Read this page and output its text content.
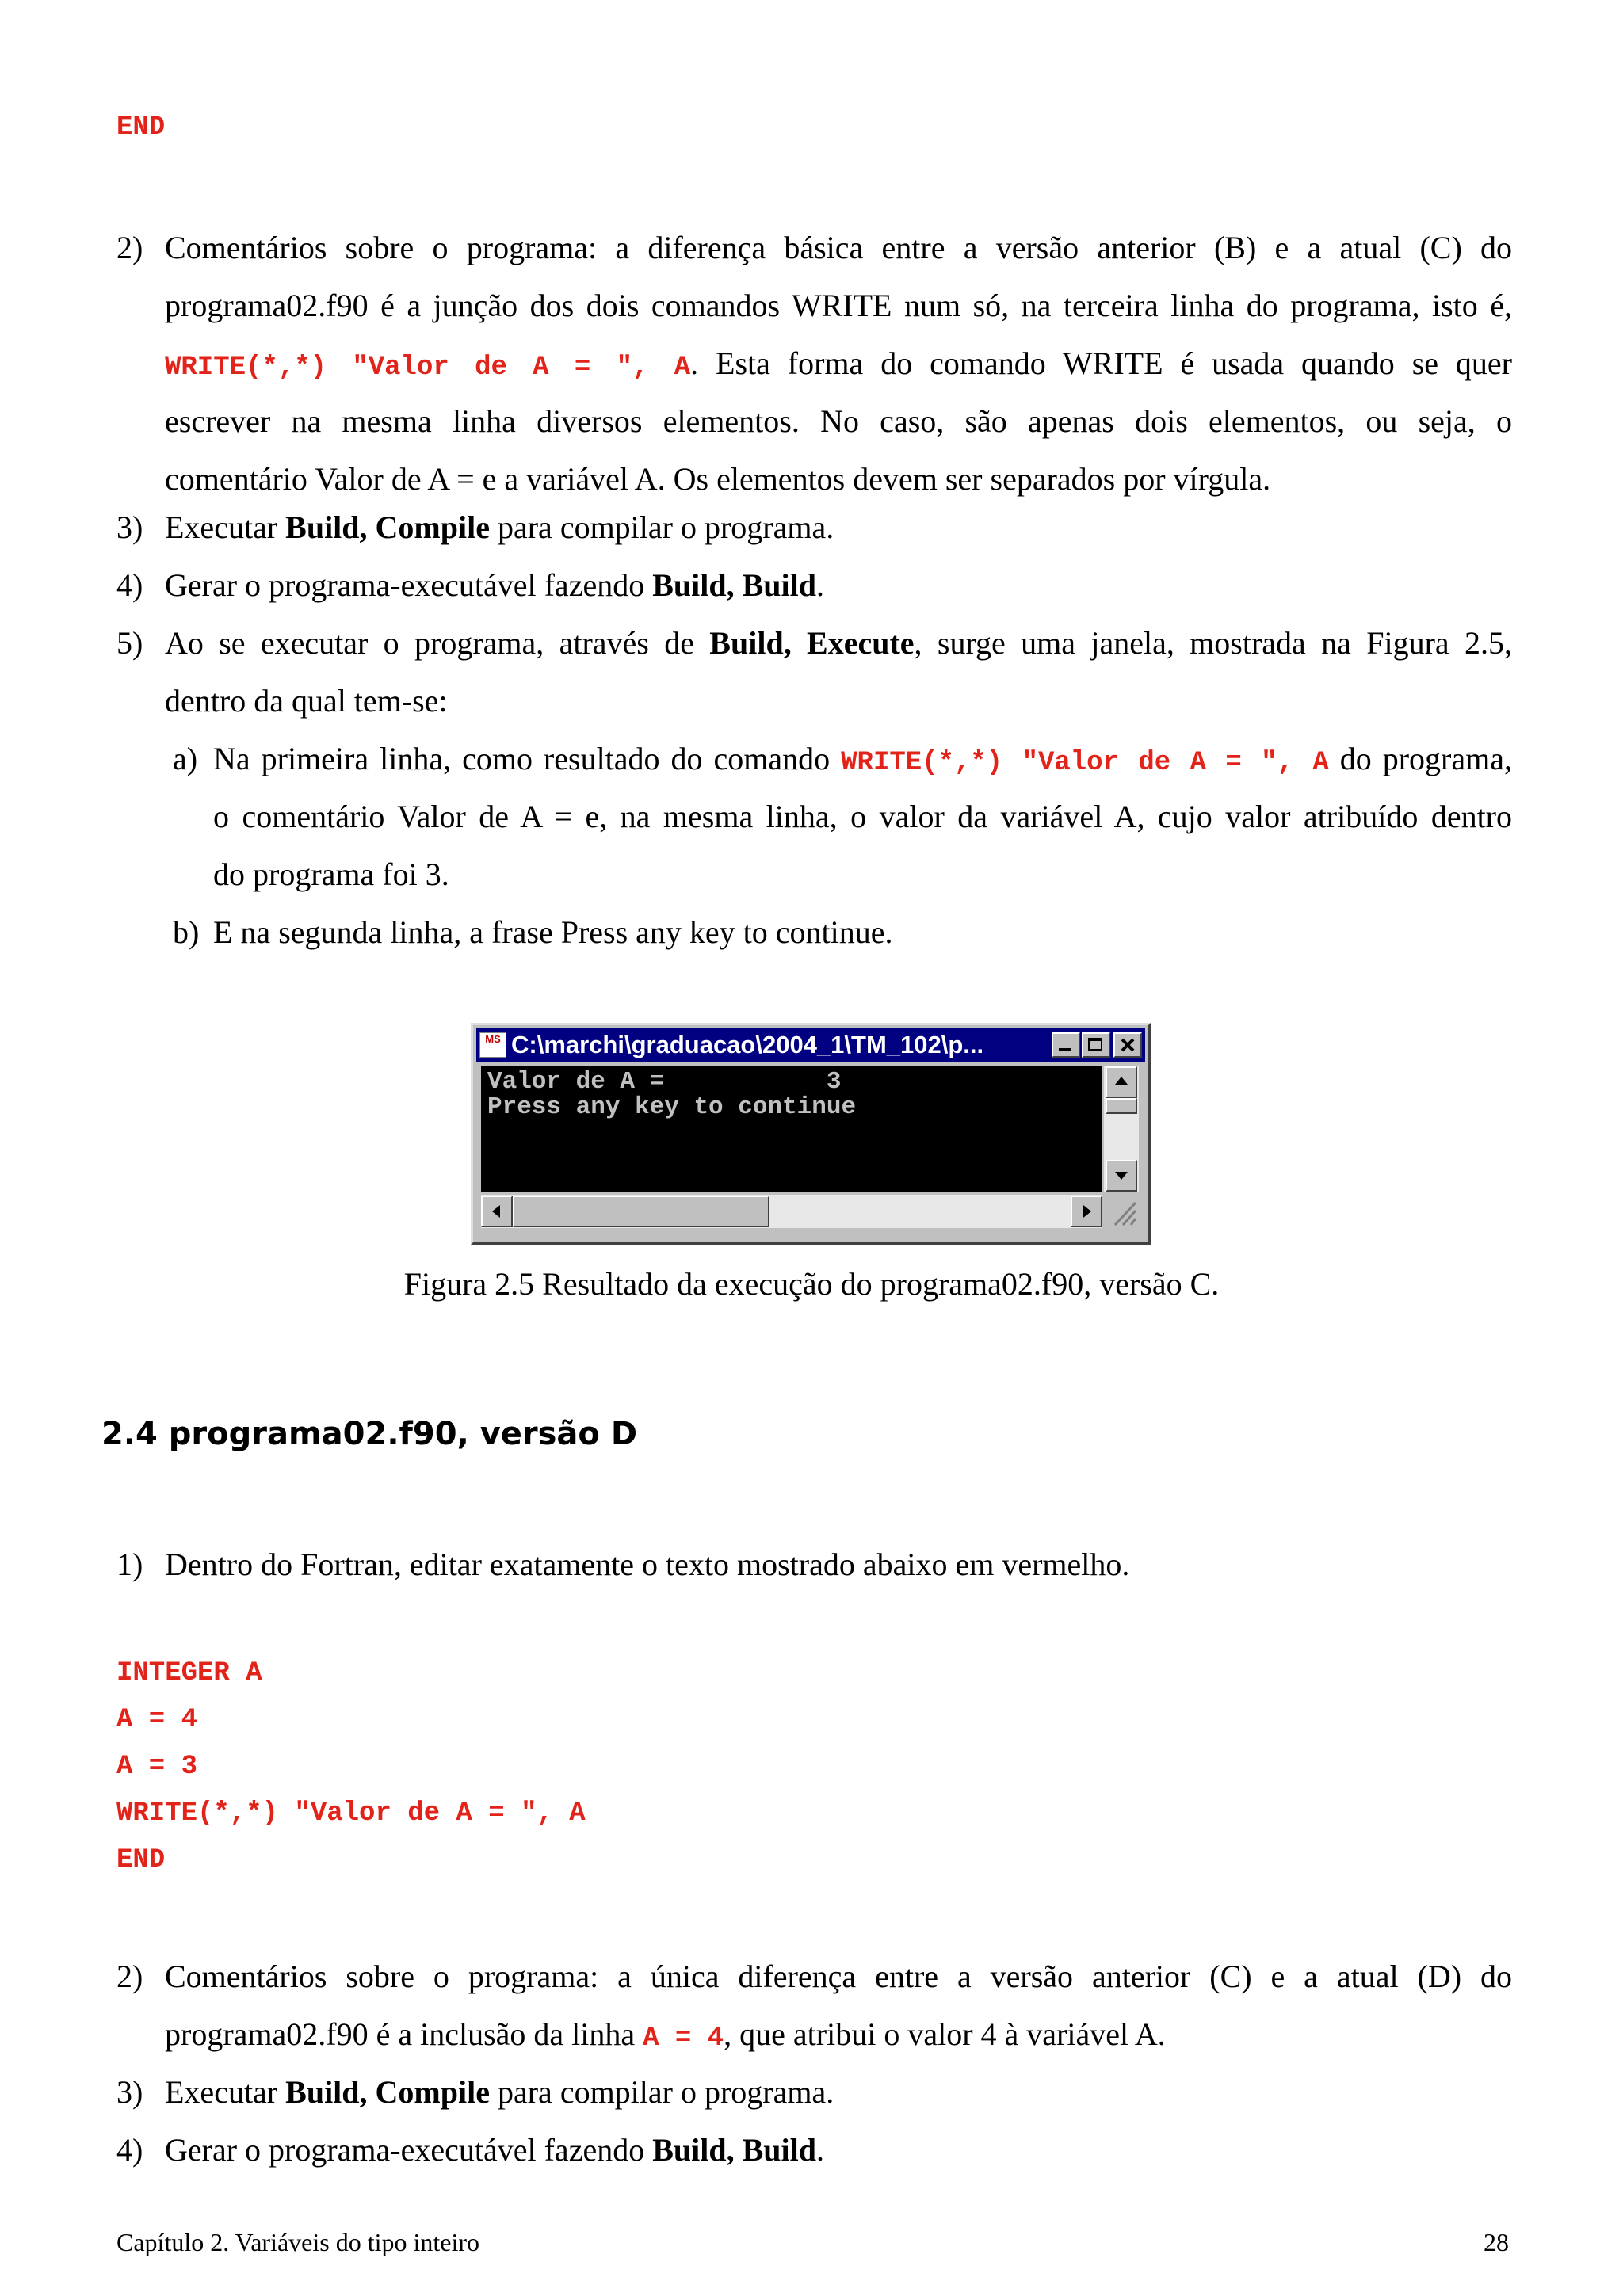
END
2) Comentários sobre o programa: a diferença básica entre a versão anterior (B) e a atual (C) do
programa02.f90 é a junção dos dois comandos WRITE num só, na terceira linha do programa, isto é,
WRITE(*,*) "Valor de A = ", A. Esta forma do comando WRITE é usada quando se quer
escrever na mesma linha diversos elementos. No caso, são apenas dois elementos, ou seja, o
comentário Valor de A = e a variável A. Os elementos devem ser separados por vírgula.
3) Executar Build, Compile para compilar o programa.
4) Gerar o programa-executável fazendo Build, Build.
5) Ao se executar o programa, através de Build, Execute, surge uma janela, mostrada na Figura 2.5,
dentro da qual tem-se:
a) Na primeira linha, como resultado do comando WRITE(*,*) "Valor de A = ", A do programa,
o comentário Valor de A = e, na mesma linha, o valor da variável A, cujo valor atribuído dentro
do programa foi 3.
b) E na segunda linha, a frase Press any key to continue.
MS C:\marchi\graduacao\2004_1\TM_102\p...
Valor de A =           3
Press any key to continue
Figura 2.5 Resultado da execução do programa02.f90, versão C.
2.4 programa02.f90, versão D
1) Dentro do Fortran, editar exatamente o texto mostrado abaixo em vermelho.
INTEGER A
A = 4
A = 3
WRITE(*,*) "Valor de A = ", A
END
2) Comentários sobre o programa: a única diferença entre a versão anterior (C) e a atual (D) do
programa02.f90 é a inclusão da linha A = 4, que atribui o valor 4 à variável A.
3) Executar Build, Compile para compilar o programa.
4) Gerar o programa-executável fazendo Build, Build.
Capítulo 2. Variáveis do tipo inteiro	28
